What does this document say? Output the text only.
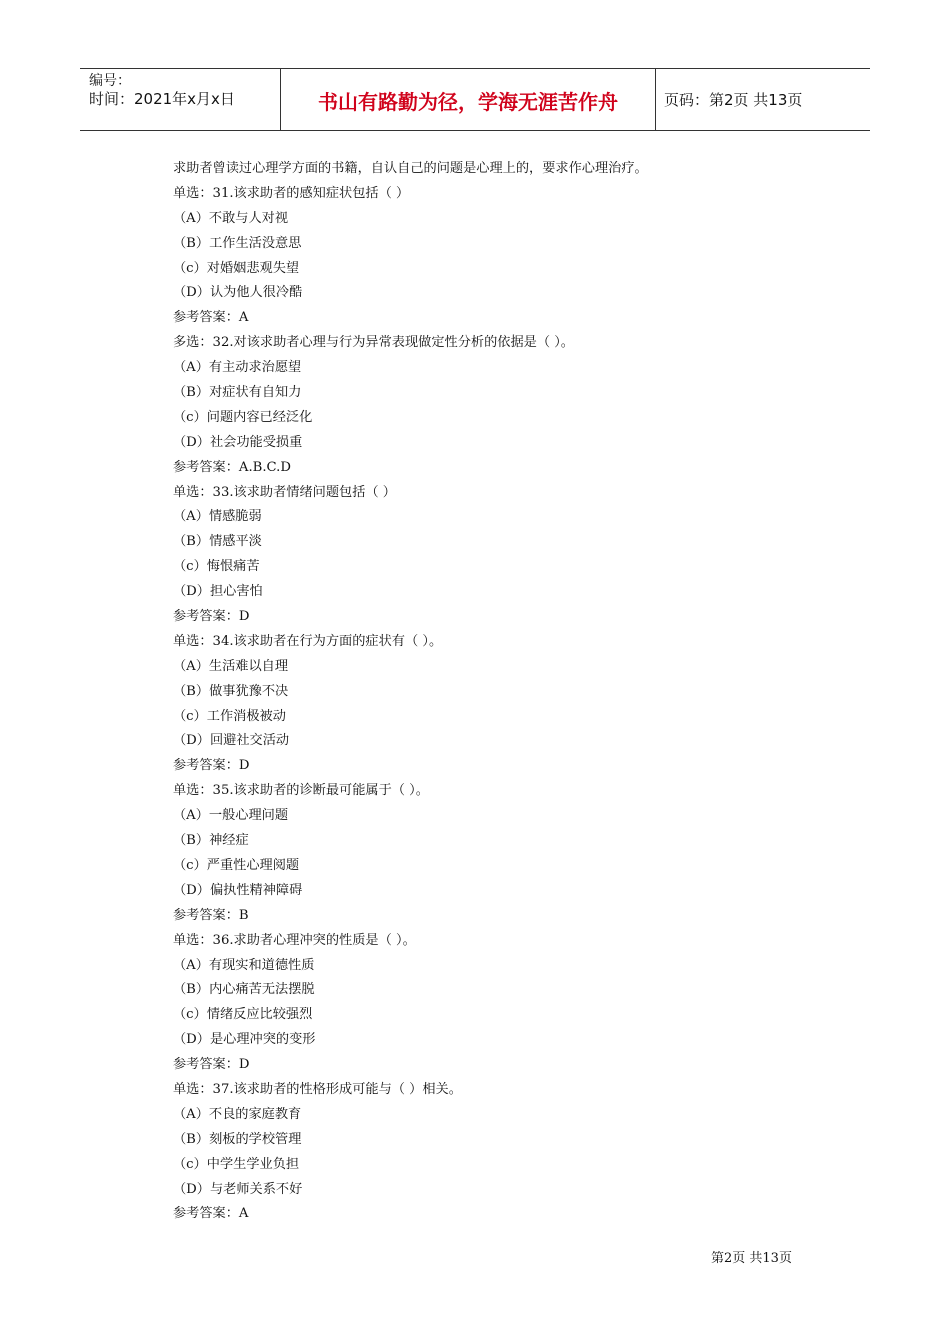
编号：
时间：2021年x月x日	书山有路勤为径，学海无涯苦作舟	页码：第2页 共13页
求助者曾读过心理学方面的书籍，自认自己的问题是心理上的，要求作心理治疗。
单选：31.该求助者的感知症状包括（ ）
（A）不敢与人对视
（B）工作生活没意思
（c）对婚姻悲观失望
（D）认为他人很冷酷
参考答案：A
多选：32.对该求助者心理与行为异常表现做定性分析的依据是（ ）。
（A）有主动求治愿望
（B）对症状有自知力
（c）问题内容已经泛化
（D）社会功能受损重
参考答案：A.B.C.D
单选：33.该求助者情绪问题包括（ ）
（A）情感脆弱
（B）情感平淡
（c）悔恨痛苦
（D）担心害怕
参考答案：D
单选：34.该求助者在行为方面的症状有（ ）。
（A）生活难以自理
（B）做事犹豫不决
（c）工作消极被动
（D）回避社交活动
参考答案：D
单选：35.该求助者的诊断最可能属于（ ）。
（A）一般心理问题
（B）神经症
（c）严重性心理阅题
（D）偏执性精神障碍
参考答案：B
单选：36.求助者心理冲突的性质是（ ）。
（A）有现实和道德性质
（B）内心痛苦无法摆脱
（c）情绪反应比较强烈
（D）是心理冲突的变形
参考答案：D
单选：37.该求助者的性格形成可能与（ ）相关。
（A）不良的家庭教育
（B）刻板的学校管理
（c）中学生学业负担
（D）与老师关系不好
参考答案：A
第2页 共13页
